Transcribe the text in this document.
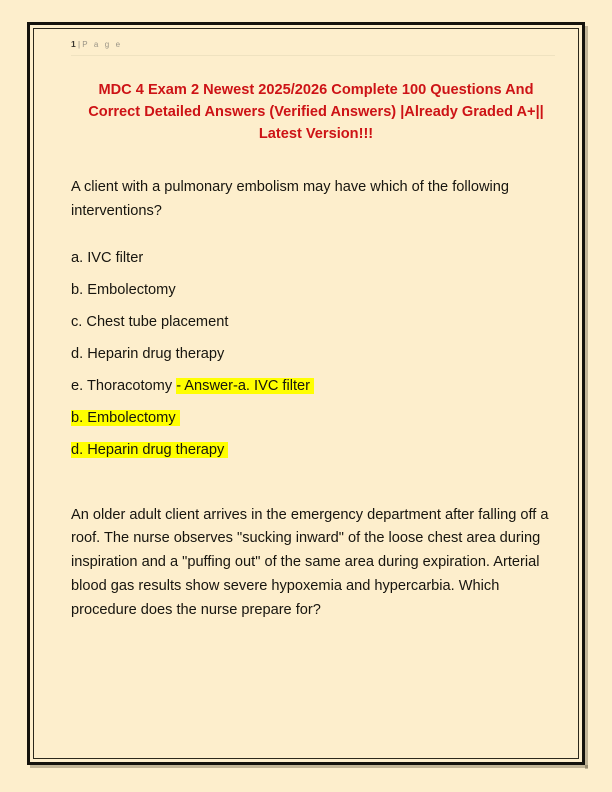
1 | P a g e
MDC 4 Exam 2 Newest 2025/2026 Complete 100 Questions And Correct Detailed Answers (Verified Answers) |Already Graded A+|| Latest Version!!!
A client with a pulmonary embolism may have which of the following interventions?
a. IVC filter
b. Embolectomy
c. Chest tube placement
d. Heparin drug therapy
e. Thoracotomy - Answer-a. IVC filter
b. Embolectomy
d. Heparin drug therapy
An older adult client arrives in the emergency department after falling off a roof. The nurse observes "sucking inward" of the loose chest area during inspiration and a "puffing out" of the same area during expiration. Arterial blood gas results show severe hypoxemia and hypercarbia. Which procedure does the nurse prepare for?
